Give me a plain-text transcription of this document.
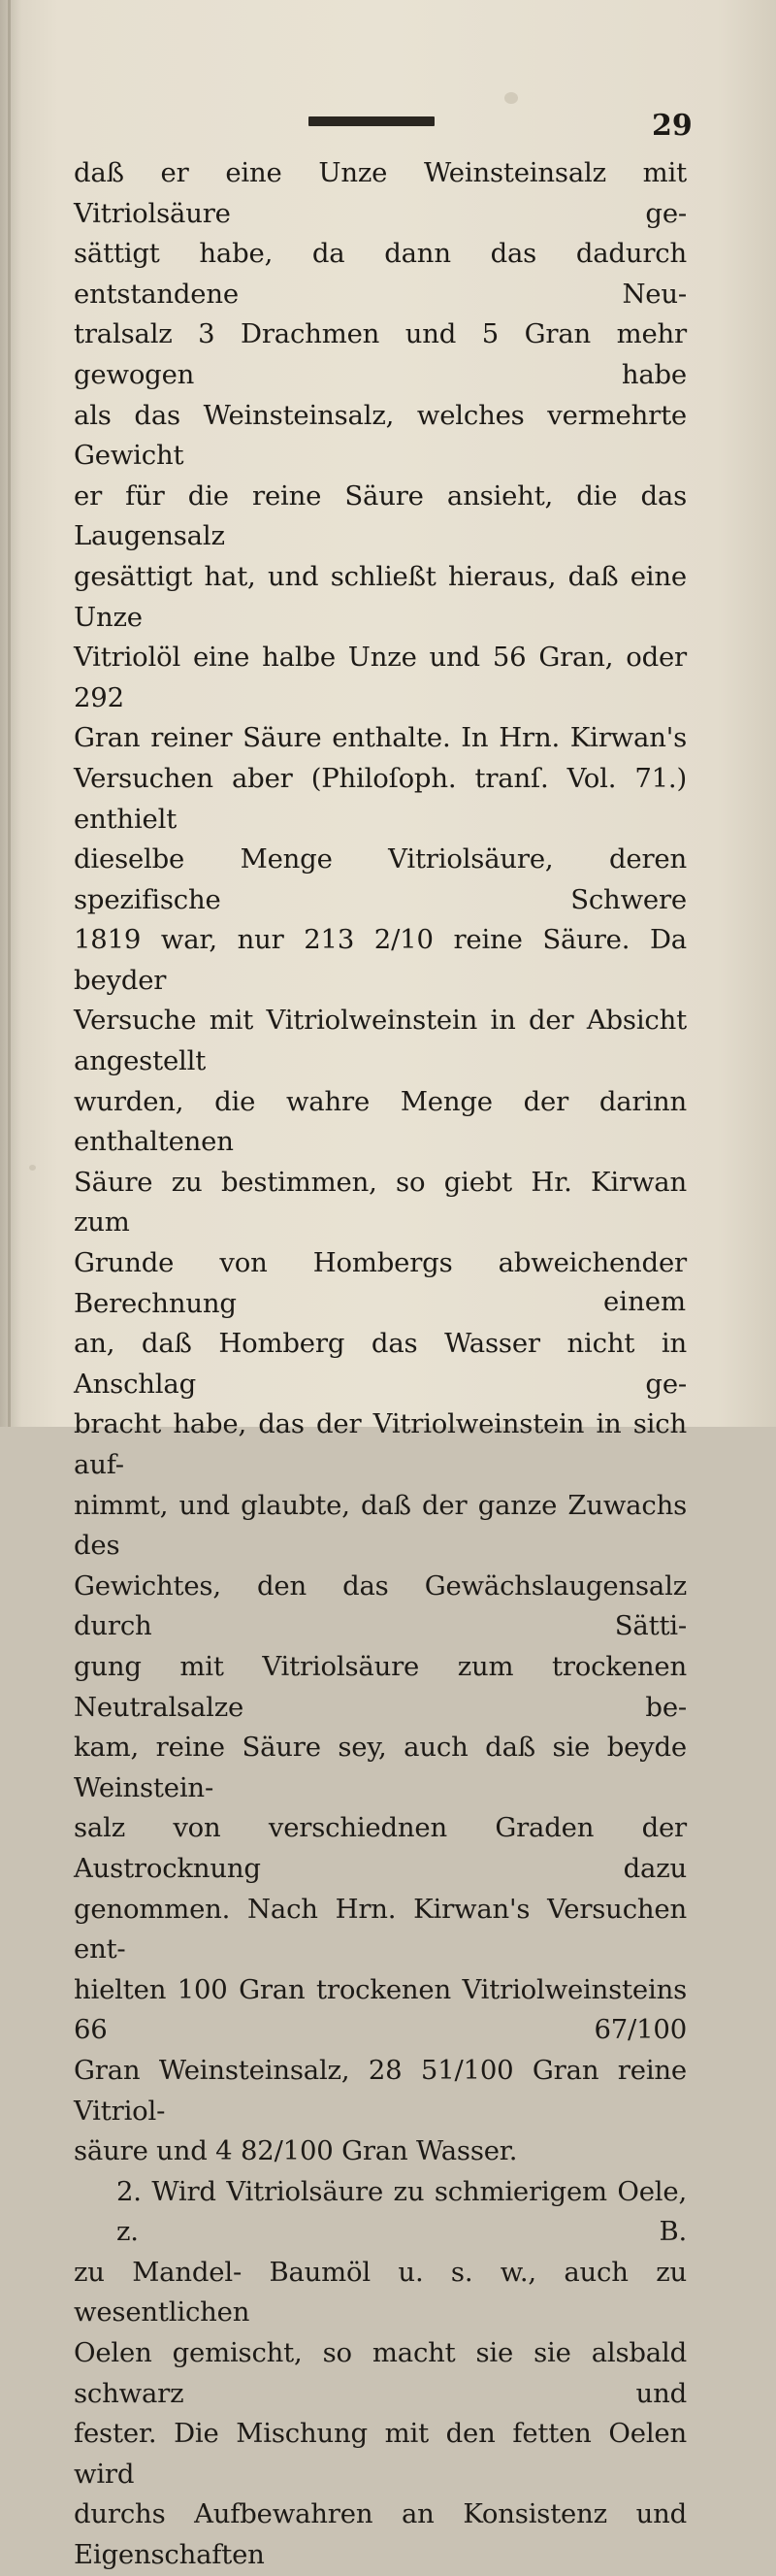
29
daß er eine Unze Weinsteinsalz mit Vitriolsäure ge-
sättigt habe, da dann das dadurch entstandene Neu-
tralsalz 3 Drachmen und 5 Gran mehr gewogen habe
als das Weinsteinsalz, welches vermehrte Gewicht
er für die reine Säure ansieht, die das Laugensalz
gesättigt hat, und schließt hieraus, daß eine Unze
Vitriolöl eine halbe Unze und 56 Gran, oder 292
Gran reiner Säure enthalte. In Hrn. Kirwan's
Versuchen aber (Philoſoph. tranſ. Vol. 71.) enthielt
dieselbe Menge Vitriolsäure, deren spezifische Schwere
1819 war, nur 213 2/10 reine Säure. Da beyder
Versuche mit Vitriolweinstein in der Absicht angestellt
wurden, die wahre Menge der darinn enthaltenen
Säure zu bestimmen, so giebt Hr. Kirwan zum
Grunde von Hombergs abweichender Berechnung
an, daß Homberg das Wasser nicht in Anschlag ge-
bracht habe, das der Vitriolweinstein in sich auf-
nimmt, und glaubte, daß der ganze Zuwachs des
Gewichtes, den das Gewächslaugensalz durch Sätti-
gung mit Vitriolsäure zum trockenen Neutralsalze be-
kam, reine Säure sey, auch daß sie beyde Weinstein-
salz von verschiednen Graden der Austrocknung dazu
genommen. Nach Hrn. Kirwan's Versuchen ent-
hielten 100 Gran trockenen Vitriolweinsteins 66 67/100
Gran Weinsteinsalz, 28 51/100 Gran reine Vitriol-
säure und 4 82/100 Gran Wasser.
2. Wird Vitriolsäure zu schmierigem Oele, z. B.
zu Mandel- Baumöl u. s. w., auch zu wesentlichen
Oelen gemischt, so macht sie sie alsbald schwarz und
fester. Die Mischung mit den fetten Oelen wird
durchs Aufbewahren an Konsistenz und Eigenschaften
einem
